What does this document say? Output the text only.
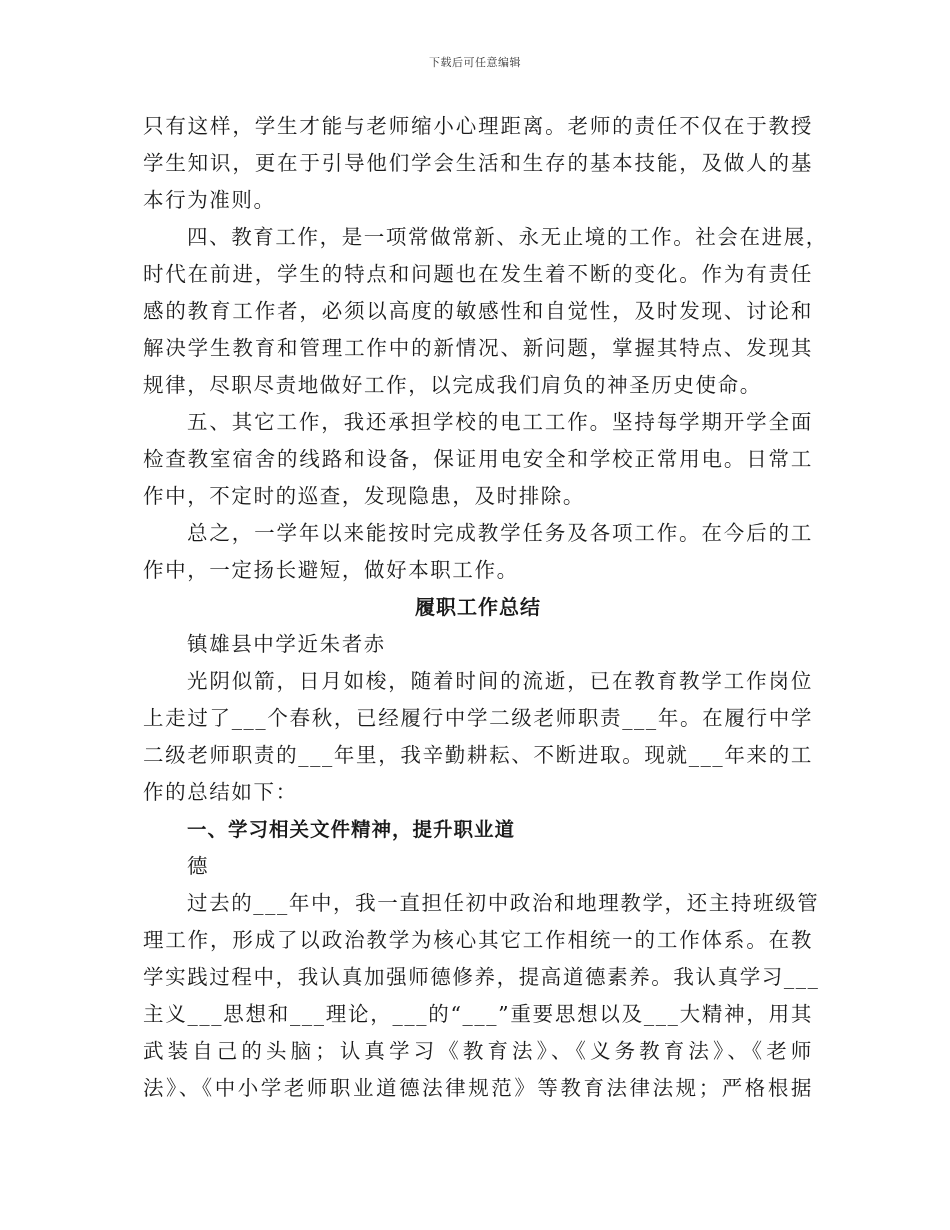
下载后可任意编辑
只有这样，学生才能与老师缩小心理距离。老师的责任不仅在于教授
学生知识，更在于引导他们学会生活和生存的基本技能，及做人的基
本行为准则。
四、教育工作，是一项常做常新、永无止境的工作。社会在进展，
时代在前进，学生的特点和问题也在发生着不断的变化。作为有责任
感的教育工作者，必须以高度的敏感性和自觉性，及时发现、讨论和
解决学生教育和管理工作中的新情况、新问题，掌握其特点、发现其
规律，尽职尽责地做好工作，以完成我们肩负的神圣历史使命。
五、其它工作，我还承担学校的电工工作。坚持每学期开学全面
检查教室宿舍的线路和设备，保证用电安全和学校正常用电。日常工
作中，不定时的巡查，发现隐患，及时排除。
总之，一学年以来能按时完成教学任务及各项工作。在今后的工
作中，一定扬长避短，做好本职工作。
履职工作总结
镇雄县中学近朱者赤
光阴似箭，日月如梭，随着时间的流逝，已在教育教学工作岗位
上走过了___个春秋，已经履行中学二级老师职责___年。在履行中学
二级老师职责的___年里，我辛勤耕耘、不断进取。现就___年来的工
作的总结如下：
一、学习相关文件精神，提升职业道
德
过去的___年中，我一直担任初中政治和地理教学，还主持班级管
理工作，形成了以政治教学为核心其它工作相统一的工作体系。在教
学实践过程中，我认真加强师德修养，提高道德素养。我认真学习___
主义___思想和___理论，___的“___”重要思想以及___大精神，用其
武装自己的头脑；认真学习《教育法》、《义务教育法》、《老师
法》、《中小学老师职业道德法律规范》等教育法律法规；严格根据
